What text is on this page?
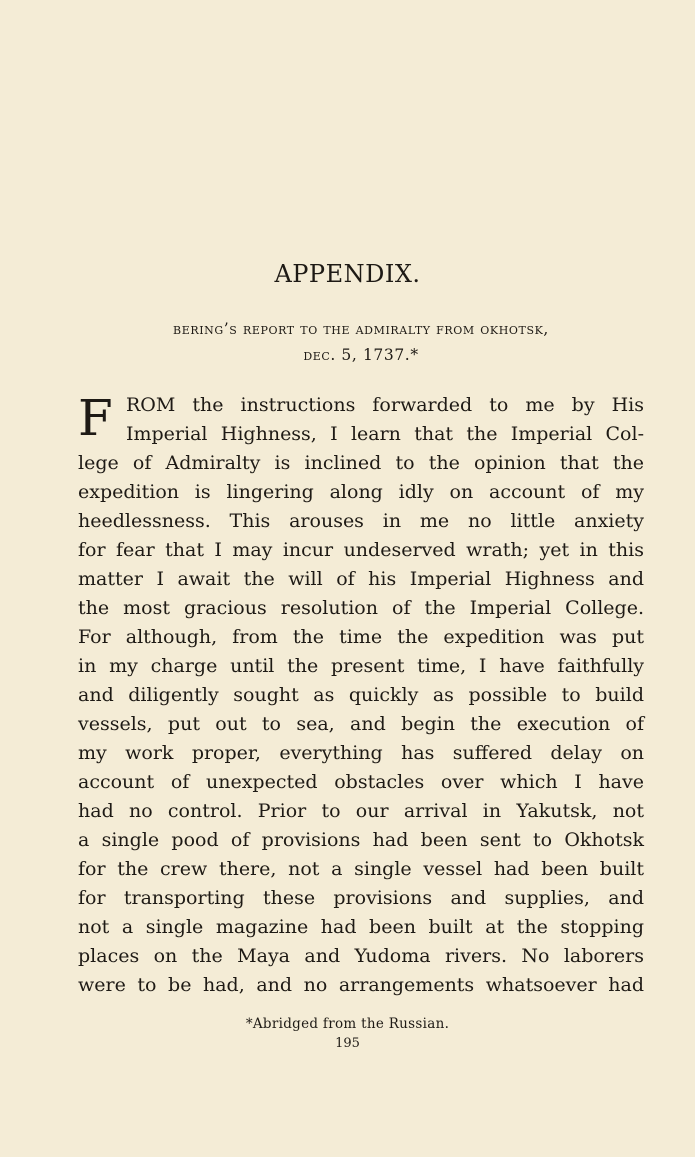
APPENDIX.
bering’s report to the admiralty from okhotsk,
dec. 5, 1737.*
F ROM the instructions forwarded to me by His
Imperial Highness, I learn that the Imperial Col-
lege of Admiralty is inclined to the opinion that the
expedition is lingering along idly on account of my
heedlessness. This arouses in me no little anxiety
for fear that I may incur undeserved wrath; yet in this
matter I await the will of his Imperial Highness and
the most gracious resolution of the Imperial College.
For although, from the time the expedition was put
in my charge until the present time, I have faithfully
and diligently sought as quickly as possible to build
vessels, put out to sea, and begin the execution of
my work proper, everything has suffered delay on
account of unexpected obstacles over which I have
had no control. Prior to our arrival in Yakutsk, not
a single pood of provisions had been sent to Okhotsk
for the crew there, not a single vessel had been built
for transporting these provisions and supplies, and
not a single magazine had been built at the stopping
places on the Maya and Yudoma rivers. No laborers
were to be had, and no arrangements whatsoever had
*Abridged from the Russian.
195
